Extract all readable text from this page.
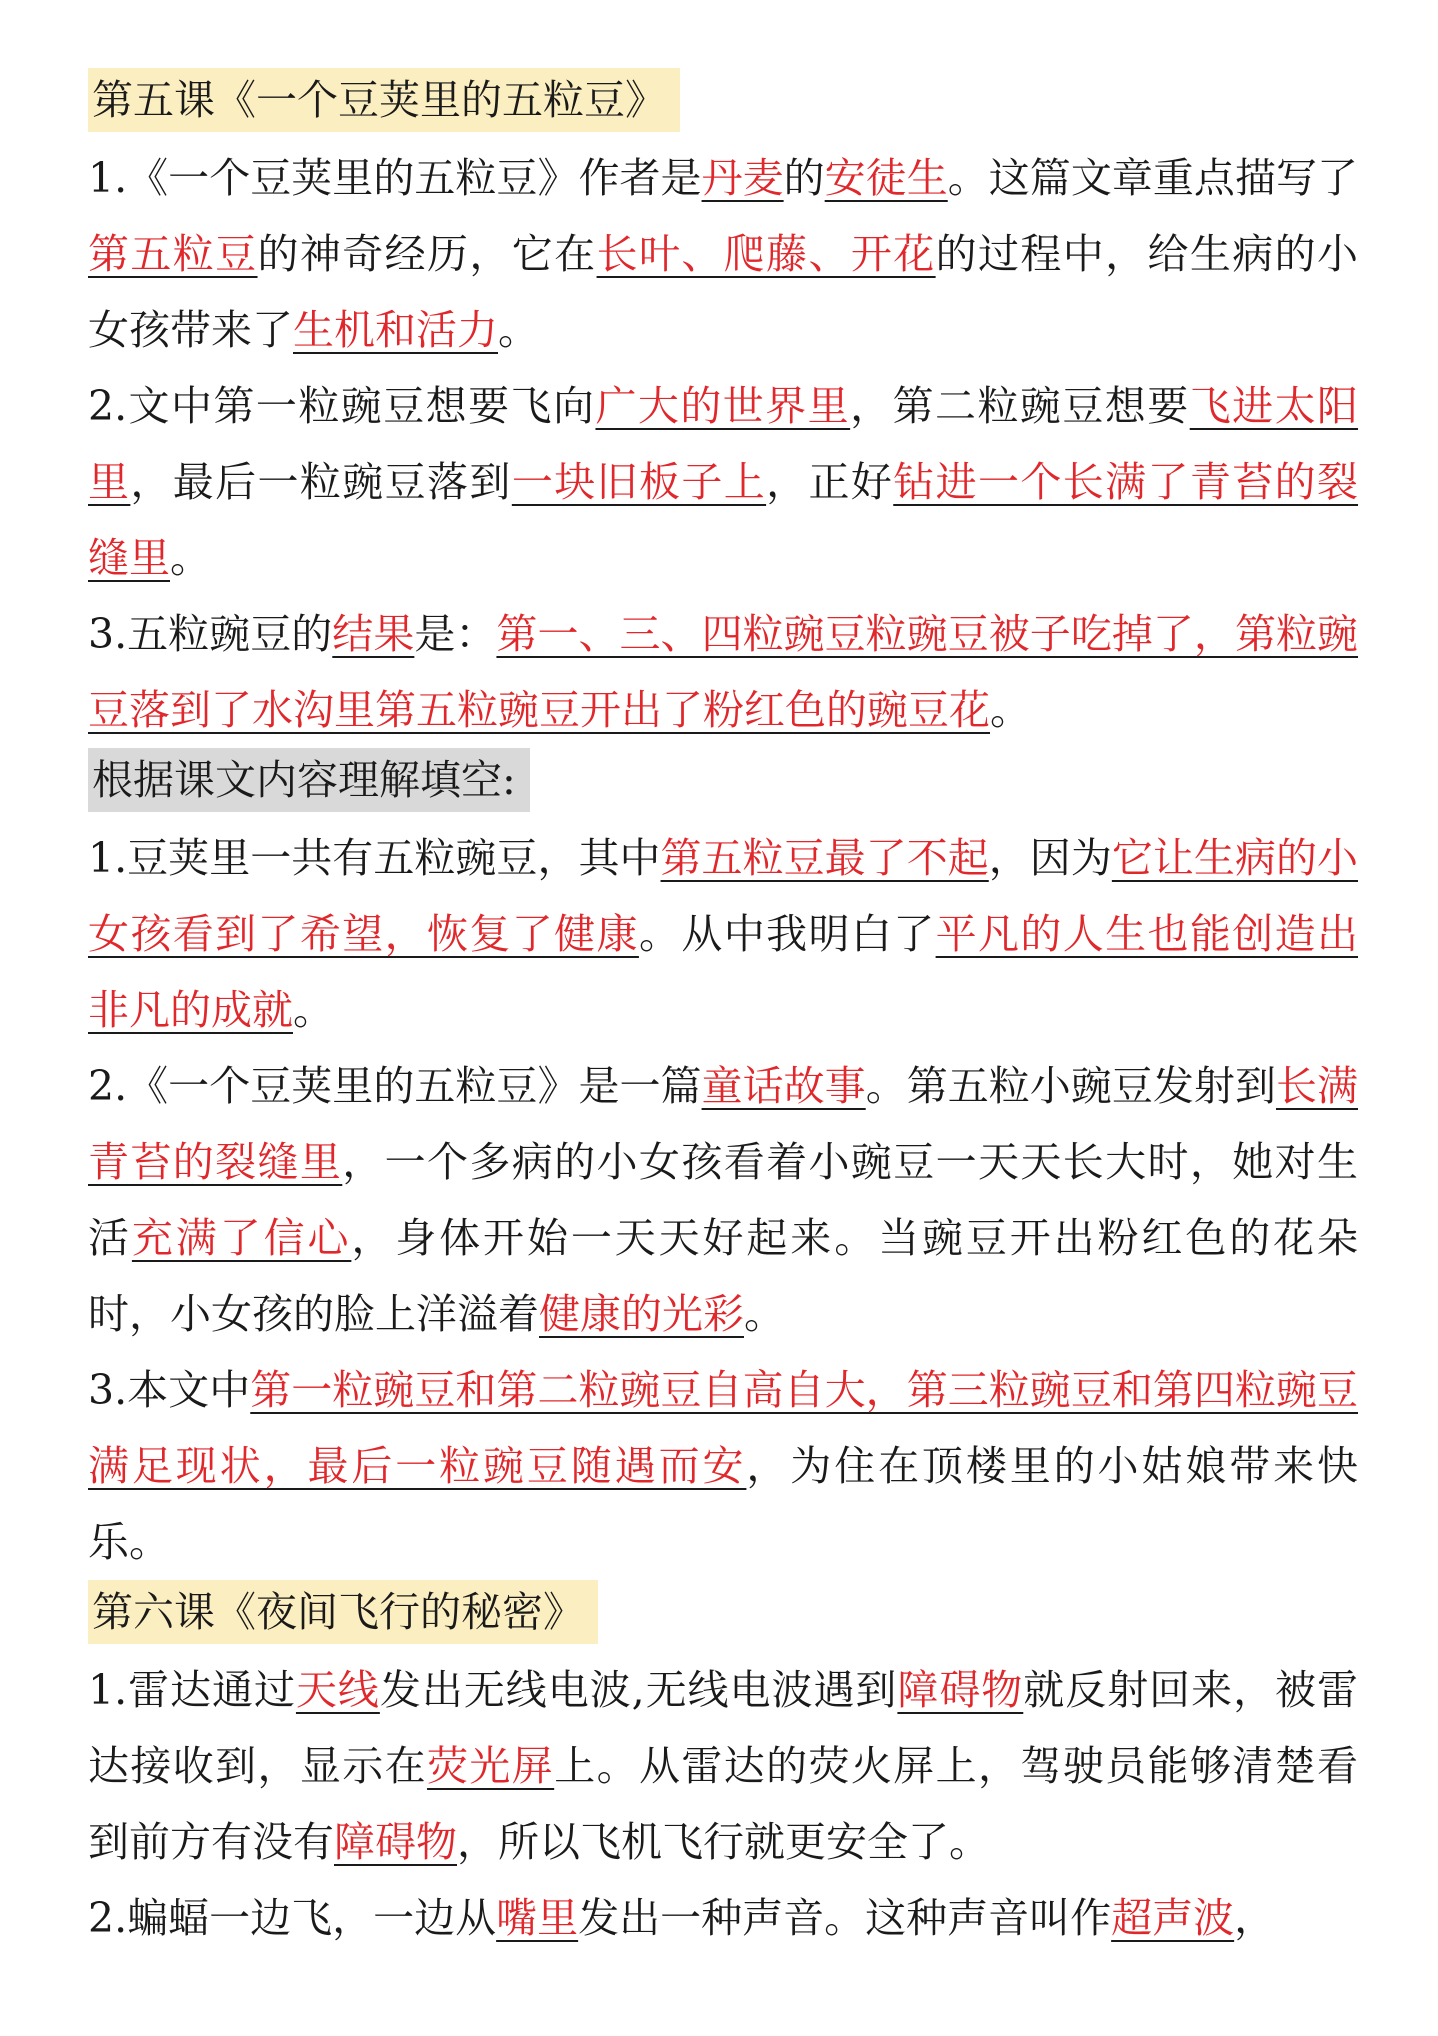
第五课《一个豆荚里的五粒豆》

1.《一个豆荚里的五粒豆》作者是丹麦的安徒生。这篇文章重点描写了第五粒豆的神奇经历，它在长叶、爬藤、开花的过程中，给生病的小女孩带来了生机和活力。

2.文中第一粒豌豆想要飞向广大的世界里，第二粒豌豆想要飞进太阳里，最后一粒豌豆落到一块旧板子上，正好钻进一个长满了青苔的裂缝里。

3.五粒豌豆的结果是：第一、三、四粒豌豆粒豌豆被子吃掉了，第粒豌豆落到了水沟里第五粒豌豆开出了粉红色的豌豆花。

根据课文内容理解填空:

1.豆荚里一共有五粒豌豆，其中第五粒豆最了不起，因为它让生病的小女孩看到了希望，恢复了健康。从中我明白了平凡的人生也能创造出非凡的成就。

2.《一个豆荚里的五粒豆》是一篇童话故事。第五粒小豌豆发射到长满青苔的裂缝里，一个多病的小女孩看着小豌豆一天天长大时，她对生活充满了信心，身体开始一天天好起来。当豌豆开出粉红色的花朵时，小女孩的脸上洋溢着健康的光彩。

3.本文中第一粒豌豆和第二粒豌豆自高自大，第三粒豌豆和第四粒豌豆满足现状，最后一粒豌豆随遇而安，为住在顶楼里的小姑娘带来快乐。

第六课《夜间飞行的秘密》

1.雷达通过天线发出无线电波,无线电波遇到障碍物就反射回来，被雷达接收到，显示在荧光屏上。从雷达的荧火屏上，驾驶员能够清楚看到前方有没有障碍物，所以飞机飞行就更安全了。

2.蝙蝠一边飞，一边从嘴里发出一种声音。这种声音叫作超声波，
